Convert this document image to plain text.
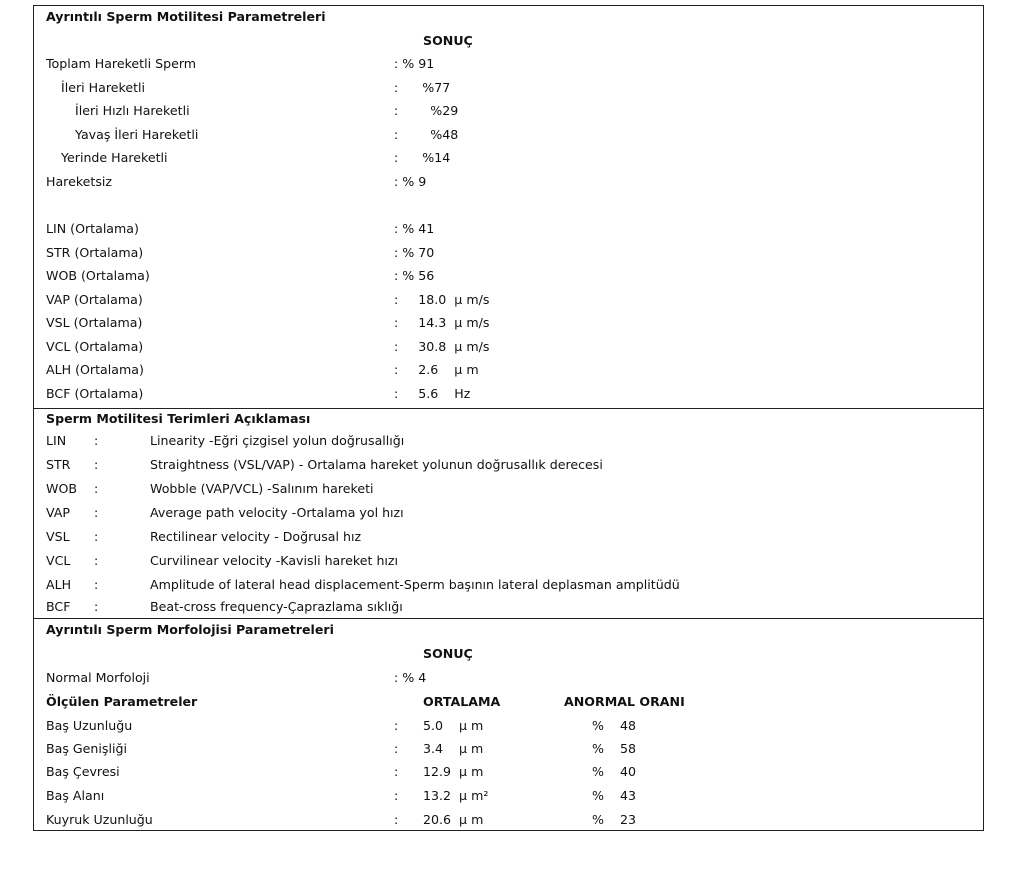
Ayrıntılı Sperm Motilitesi Parametreleri
SONUÇ
Toplam Hareketli Sperm	: % 91
İleri Hareketli	:      %77
İleri Hızlı Hareketli	:        %29
Yavaş İleri Hareketli	:        %48
Yerinde Hareketli	:      %14
Hareketsiz	: % 9
LIN (Ortalama)	: % 41
STR (Ortalama)	: % 70
WOB (Ortalama)	: % 56
VAP (Ortalama)	:     18.0  μ m/s
VSL (Ortalama)	:     14.3  μ m/s
VCL (Ortalama)	:     30.8  μ m/s
ALH (Ortalama)	:     2.6    μ m
BCF (Ortalama)	:     5.6    Hz
Sperm Motilitesi Terimleri Açıklaması
LIN :	Linearity -Eğri çizgisel yolun doğrusallığı
STR :	Straightness (VSL/VAP) - Ortalama hareket yolunun doğrusallık derecesi
WOB :	Wobble (VAP/VCL) -Salınım hareketi
VAP :	Average path velocity -Ortalama yol hızı
VSL :	Rectilinear velocity - Doğrusal hız
VCL :	Curvilinear velocity -Kavisli hareket hızı
ALH :	Amplitude of lateral head displacement-Sperm başının lateral deplasman amplitüdü
BCF :	Beat-cross frequency-Çaprazlama sıklığı
Ayrıntılı Sperm Morfolojisi Parametreleri
SONUÇ
Normal Morfoloji	: % 4
Ölçülen Parametreler	ORTALAMA	ANORMAL ORANI
Baş Uzunluğu	: 5.0    μ m	%    48
Baş Genişliği	: 3.4    μ m	%    58
Baş Çevresi	: 12.9  μ m	%    40
Baş Alanı	: 13.2  μ m²	%    43
Kuyruk Uzunluğu	: 20.6  μ m	%    23
